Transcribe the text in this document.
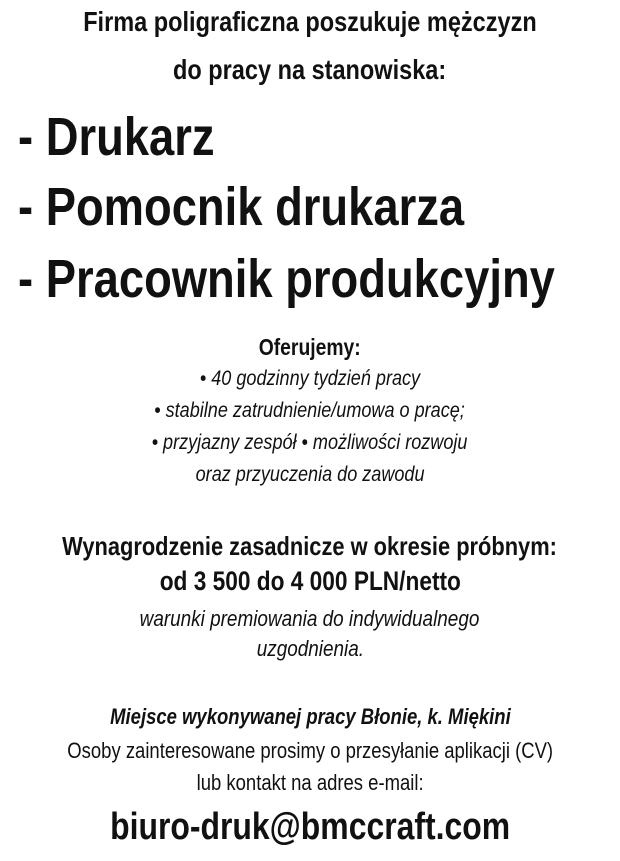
Firma poligraficzna poszukuje mężczyzn

do pracy na stanowiska:

- Drukarz

- Pomocnik drukarza

- Pracownik produkcyjny

Oferujemy:

• 40 godzinny tydzień pracy

• stabilne zatrudnienie/umowa o pracę;

• przyjazny zespół • możliwości rozwoju

oraz przyuczenia do zawodu

Wynagrodzenie zasadnicze w okresie próbnym:

od 3 500 do 4 000 PLN/netto

warunki premiowania do indywidualnego

uzgodnienia.

Miejsce wykonywanej pracy Błonie, k. Miękini

Osoby zainteresowane prosimy o przesyłanie aplikacji (CV)

lub kontakt na adres e-mail:

biuro-druk@bmccraft.com
